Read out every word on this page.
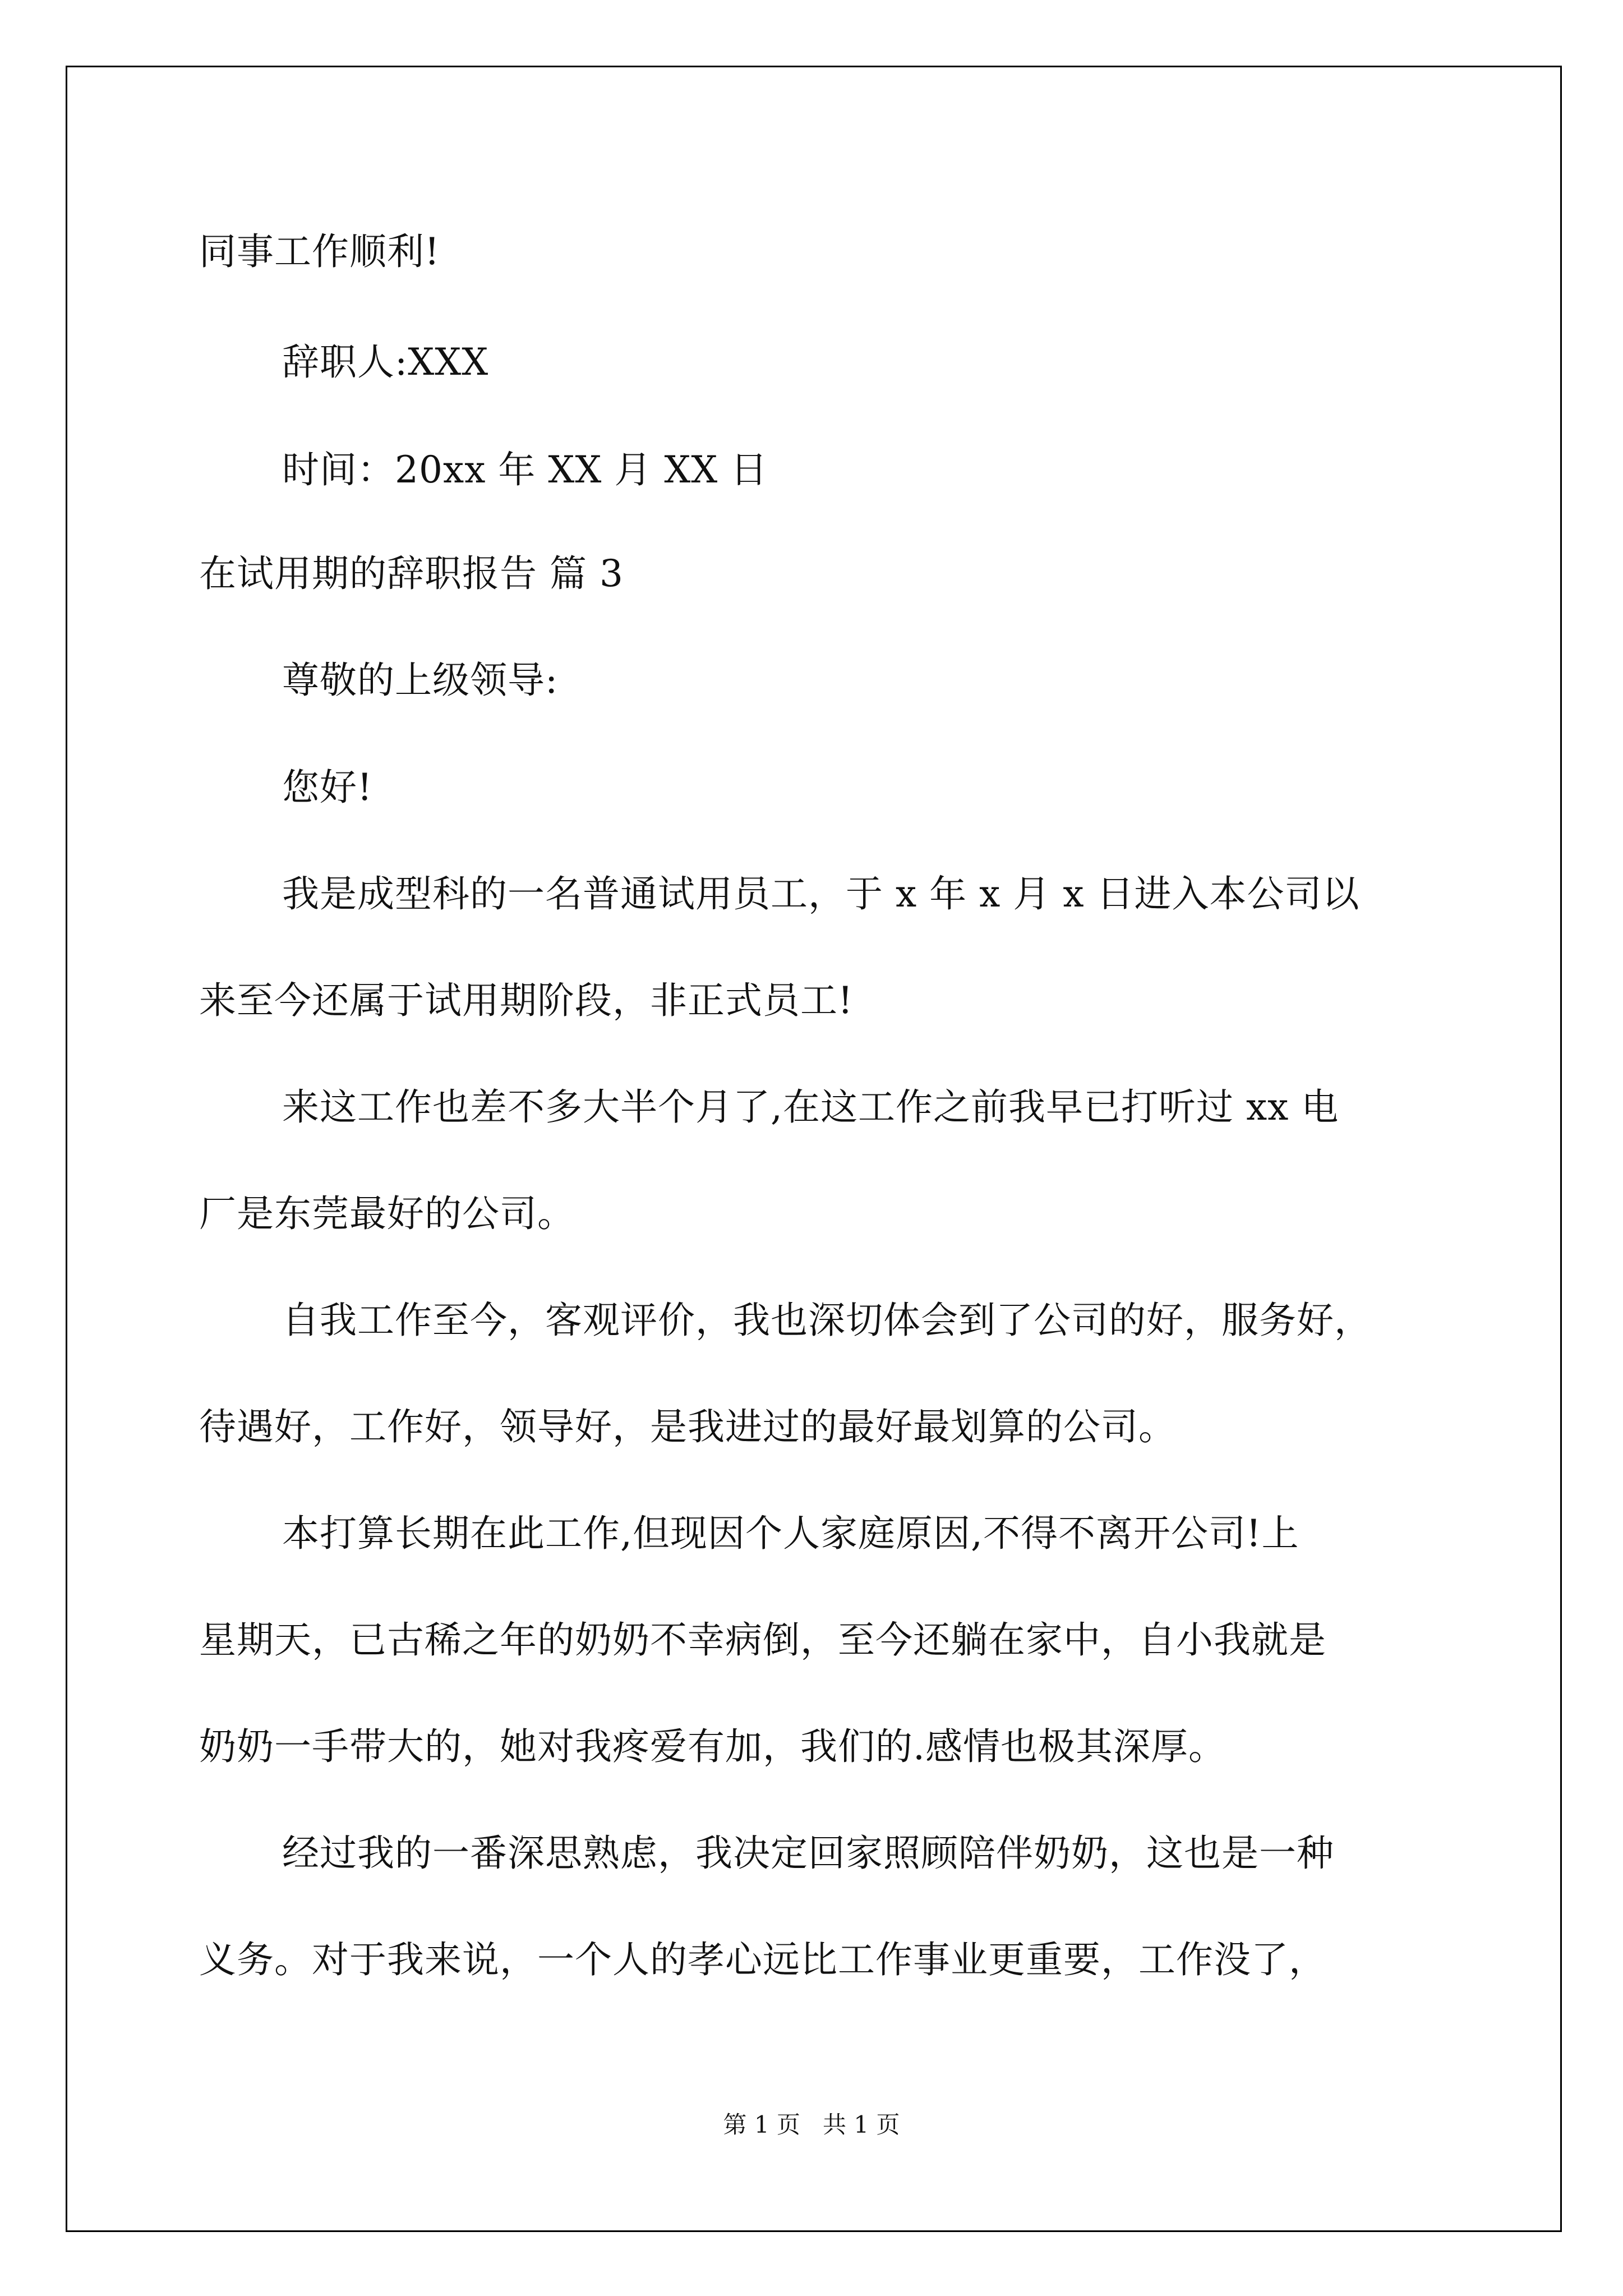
同事工作顺利!
辞职人:XXX
时间：20xx 年 XX 月 XX 日
在试用期的辞职报告 篇 3
尊敬的上级领导:
您好!
我是成型科的一名普通试用员工，于 x 年 x 月 x 日进入本公司以
来至今还属于试用期阶段，非正式员工!
来这工作也差不多大半个月了,在这工作之前我早已打听过 xx 电
厂是东莞最好的公司。
自我工作至今，客观评价，我也深切体会到了公司的好，服务好，
待遇好，工作好，领导好，是我进过的最好最划算的公司。
本打算长期在此工作,但现因个人家庭原因,不得不离开公司!上
星期天，已古稀之年的奶奶不幸病倒，至今还躺在家中，自小我就是
奶奶一手带大的，她对我疼爱有加，我们的.感情也极其深厚。
经过我的一番深思熟虑，我决定回家照顾陪伴奶奶，这也是一种
义务。对于我来说，一个人的孝心远比工作事业更重要，工作没了，
第 1 页   共 1 页
